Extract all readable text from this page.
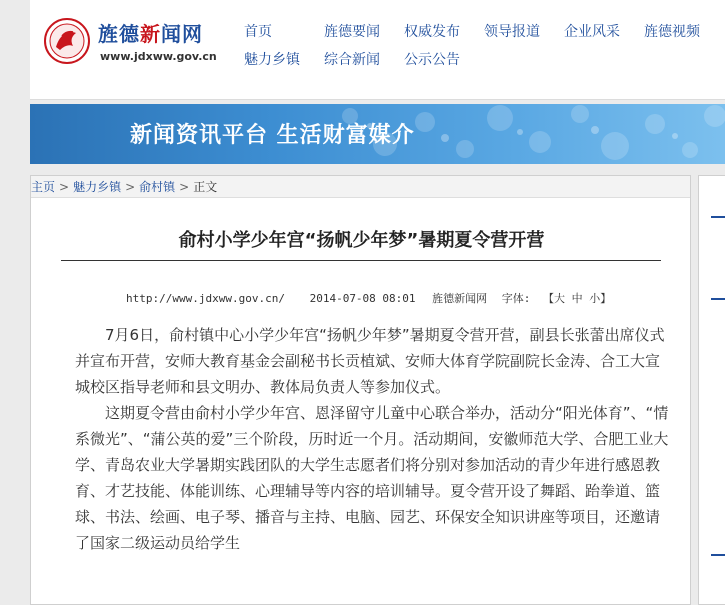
旌德新闻网
www.jdxww.gov.cn
首页	旌德要闻	权威发布	领导报道	企业风采	旌德视频
魅力乡镇	综合新闻	公示公告
新闻资讯平台 生活财富媒介
主页 > 魅力乡镇 > 俞村镇 > 正文
俞村小学少年宫“扬帆少年梦”暑期夏令营开营
http://www.jdxww.gov.cn/ 2014-07-08 08:01 旌德新闻网 字体: 【大 中 小】

7月6日，俞村镇中心小学少年宫“扬帆少年梦”暑期夏令营开营，副县长张蕾出席仪式并宣布开营，安师大教育基金会副秘书长贡植斌、安师大体育学院副院长金涛、合工大宣城校区指导老师和县文明办、教体局负责人等参加仪式。

这期夏令营由俞村小学少年宫、恩泽留守儿童中心联合举办，活动分“阳光体育”、“情系微光”、“蒲公英的爱”三个阶段，历时近一个月。活动期间，安徽师范大学、合肥工业大学、青岛农业大学暑期实践团队的大学生志愿者们将分别对参加活动的青少年进行感恩教育、才艺技能、体能训练、心理辅导等内容的培训辅导。夏令营开设了舞蹈、跆拳道、篮球、书法、绘画、电子琴、播音与主持、电脑、园艺、环保安全知识讲座等项目，还邀请了国家二级运动员给学生
